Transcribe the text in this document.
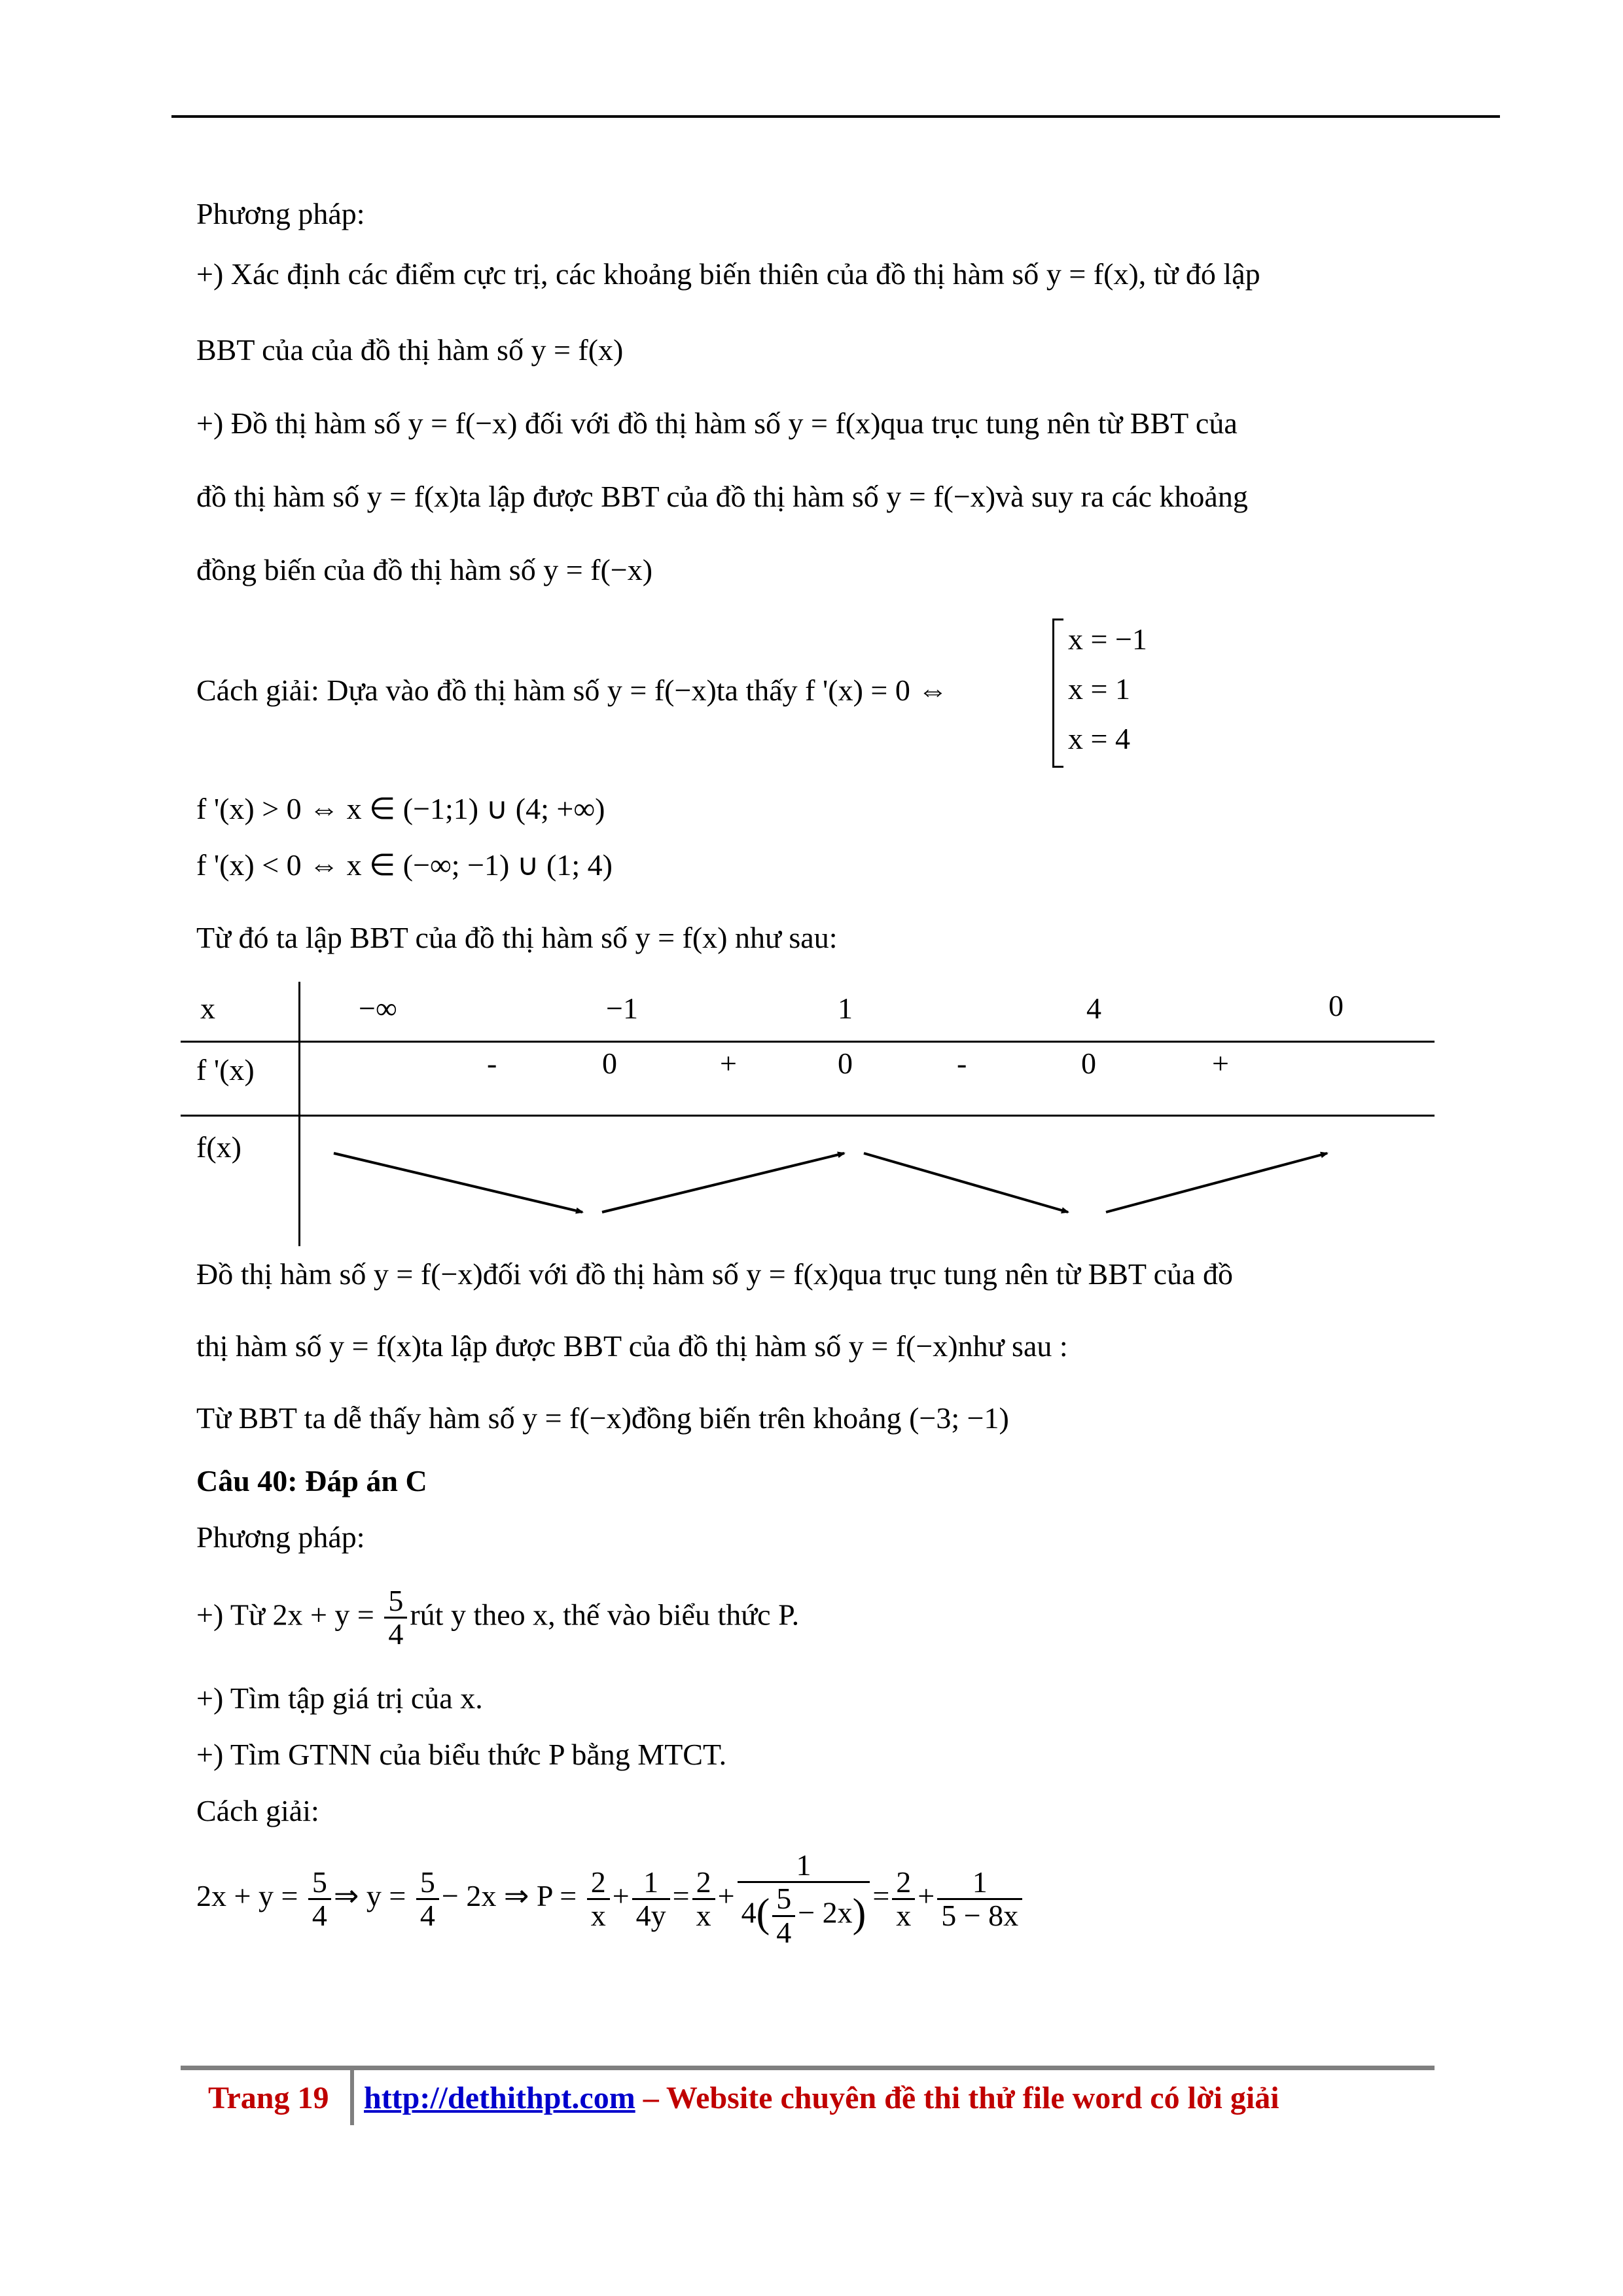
Phương pháp:
+) Xác định các điểm cực trị, các khoảng biến thiên của đồ thị hàm số y = f(x), từ đó lập
BBT của của đồ thị hàm số y = f(x)
+) Đồ thị hàm số y = f(−x) đối với đồ thị hàm số y = f(x)qua trục tung nên từ BBT của
đồ thị hàm số y = f(x)ta lập được BBT của đồ thị hàm số y = f(−x)và suy ra các khoảng
đồng biến của đồ thị hàm số y = f(−x)
Cách giải: Dựa vào đồ thị hàm số y = f(−x)ta thấy f '(x) = 0 ⇔
x = −1
x = 1
x = 4
f '(x) > 0 ⇔ x ∈ (−1;1) ∪ (4; +∞)
f '(x) < 0 ⇔ x ∈ (−∞; −1) ∪ (1; 4)
Từ đó ta lập BBT của đồ thị hàm số y = f(x) như sau:
x	−∞	−1	1	4	0
f '(x)	-	0	+	0	-	0	+
f(x)
Đồ thị hàm số y = f(−x)đối với đồ thị hàm số y = f(x)qua trục tung nên từ BBT của đồ
thị hàm số y = f(x)ta lập được BBT của đồ thị hàm số y = f(−x)như sau :
Từ BBT ta dễ thấy hàm số y = f(−x)đồng biến trên khoảng (−3; −1)
Câu 40: Đáp án C
Phương pháp:
+) Từ $2x + y = \frac{5}{4}$ rút y theo x, thế vào biểu thức P.
+) Tìm tập giá trị của x.
+) Tìm GTNN của biểu thức P bằng MTCT.
Cách giải:
$2x + y = \frac{5}{4}$ ⇒ $y = \frac{5}{4} - 2x$ ⇒ $P = \frac{2}{x} + \frac{1}{4y} = \frac{2}{x} + \frac{1}{4( \frac{5}{4} - 2x)} = \frac{2}{x} + \frac{1}{5 - 8x}$
Trang 19 http://dethithpt.com – Website chuyên đề thi thử file word có lời giải
